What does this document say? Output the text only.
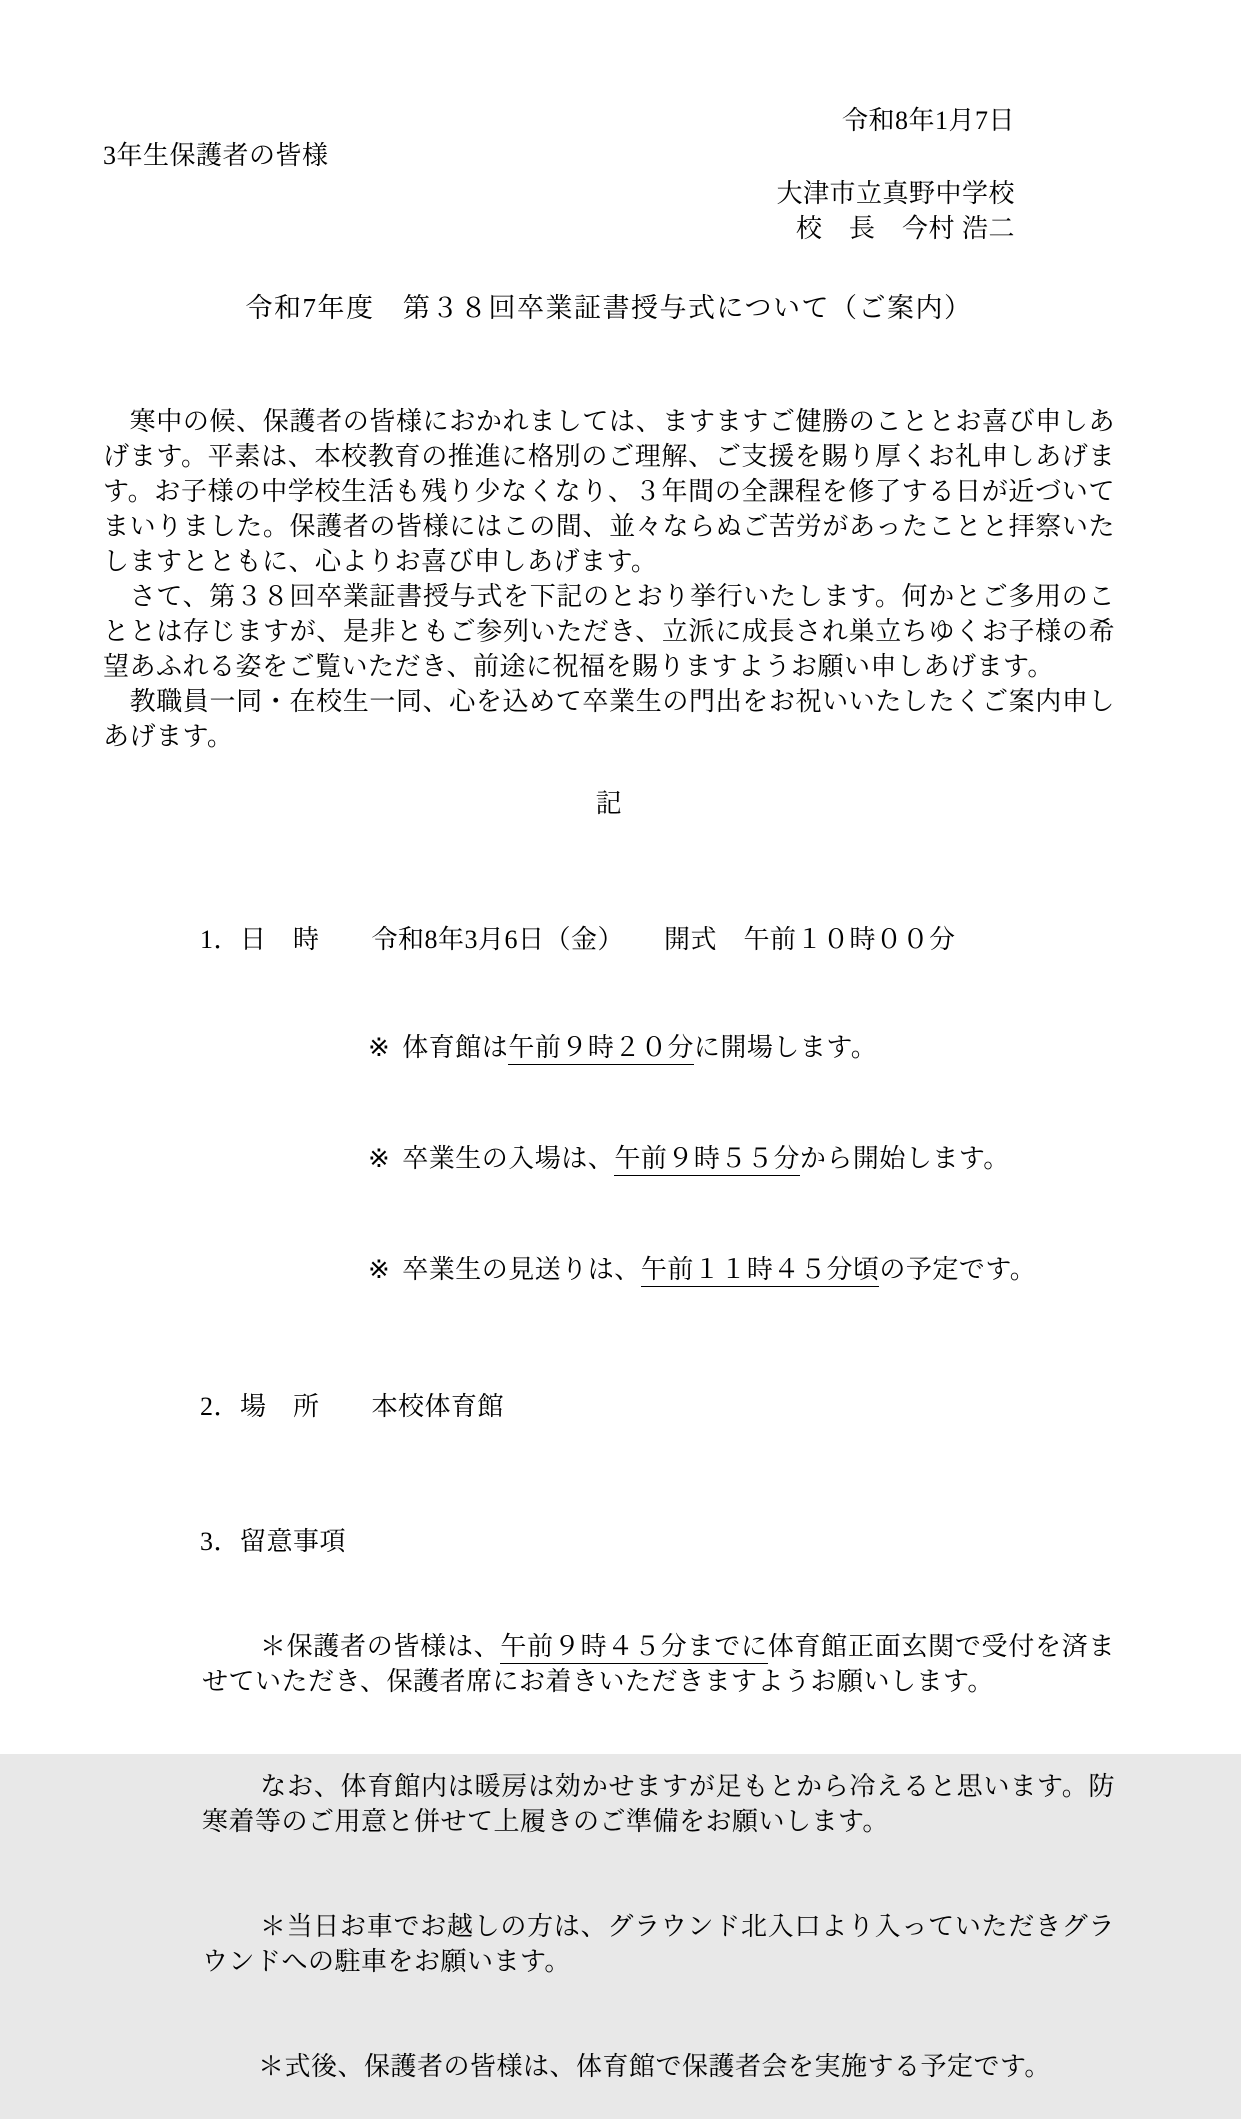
令和8年1月7日
3年生保護者の皆様
大津市立真野中学校
校　長　今村 浩二
令和7年度　第３８回卒業証書授与式について（ご案内）

　寒中の候、保護者の皆様におかれましては、ますますご健勝のこととお喜び申しあげます。平素は、本校教育の推進に格別のご理解、ご支援を賜り厚くお礼申しあげます。お子様の中学校生活も残り少なくなり、３年間の全課程を修了する日が近づいてまいりました。保護者の皆様にはこの間、並々ならぬご苦労があったことと拝察いたしますとともに、心よりお喜び申しあげます。

　さて、第３８回卒業証書授与式を下記のとおり挙行いたします。何かとご多用のこととは存じますが、是非ともご参列いただき、立派に成長され巣立ちゆくお子様の希望あふれる姿をご覧いただき、前途に祝福を賜りますようお願い申しあげます。

　教職員一同・在校生一同、心を込めて卒業生の門出をお祝いいたしたくご案内申しあげます。

記

1．日　時 令和8年3月6日（金）　　開式　午前１０時００分

※ 体育館は午前９時２０分に開場します。

※ 卒業生の入場は、午前９時５５分から開始します。

※ 卒業生の見送りは、午前１１時４５分頃の予定です。

2．場　所 本校体育館

3．留意事項

＊保護者の皆様は、午前９時４５分までに体育館正面玄関で受付を済ませていただき、保護者席にお着きいただきますようお願いします。

なお、体育館内は暖房は効かせますが足もとから冷えると思います。防寒着等のご用意と併せて上履きのご準備をお願いします。

＊当日お車でお越しの方は、グラウンド北入口より入っていただきグラウンドへの駐車をお願います。

＊式後、保護者の皆様は、体育館で保護者会を実施する予定です。
